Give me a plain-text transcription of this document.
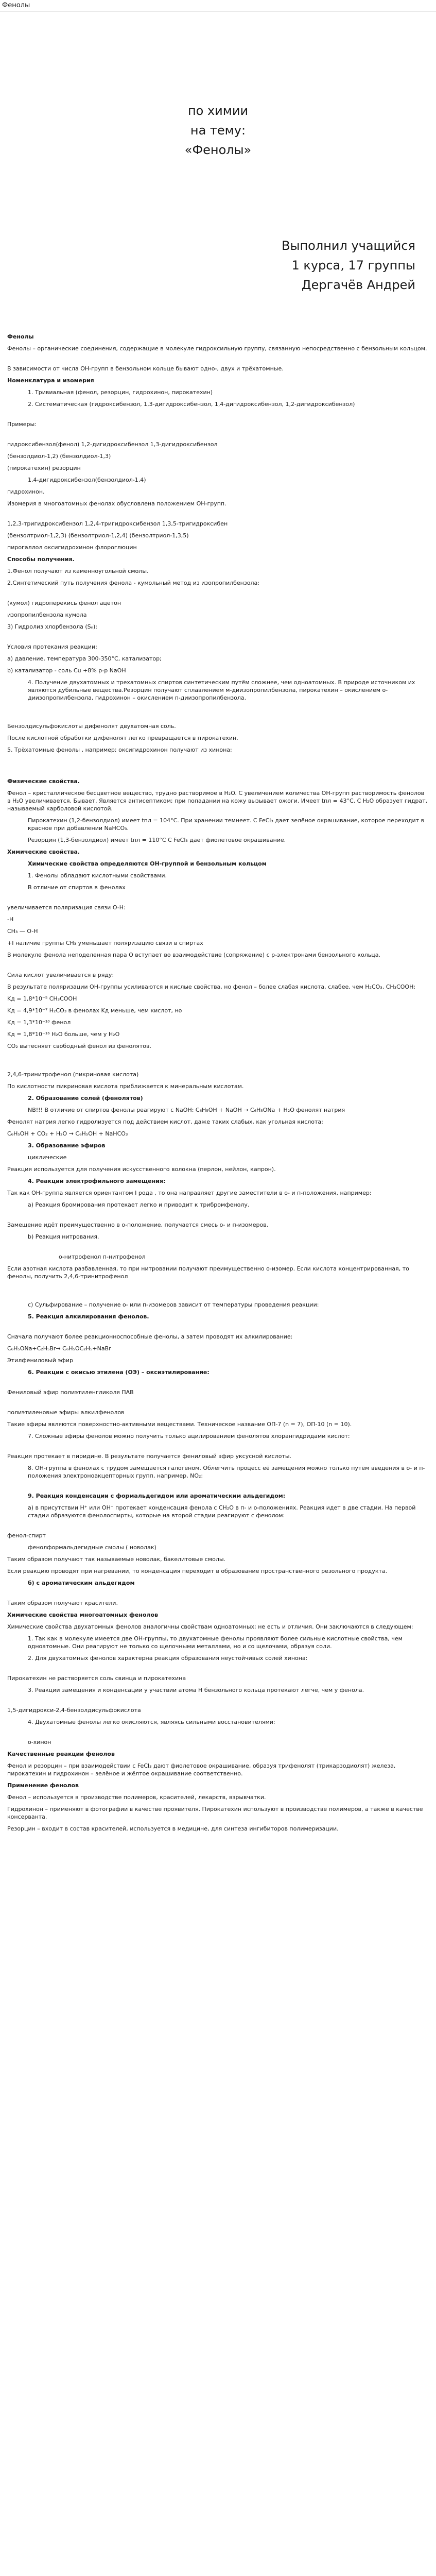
Фенолы
по химии
на тему:
«Фенолы»
Выполнил учащийся
1 курса, 17 группы
Дергачёв Андрей
Фенолы
Фенолы – органические соединения, содержащие в молекуле гидроксильную группу, связанную непосредственно с бензольным кольцом.
В зависимости от числа ОН-групп в бензольном кольце бывают одно-, двух и трёхатомные.
Номенклатура и изомерия
1. Тривиальная (фенол, резорцин, гидрохинон, пирокатехин)
2. Систематическая (гидроксибензол, 1,3-дигидроксибензол, 1,4-дигидроксибензол, 1,2-дигидроксибензол)
Примеры:
гидроксибензол(фенол) 1,2-дигидроксибензол 1,3-дигидроксибензол
(бензолдиол-1,2) (бензолдиол-1,3)
(пирокатехин) резорцин
1,4-дигидроксибензол(бензолдиол-1,4)
гидрохинон.
Изомерия в многоатомных фенолах обусловлена положением OH-групп.
1,2,3-тригидроксибензол 1,2,4-тригидроксибензол 1,3,5-тригидроксибен
(бензолтриол-1,2,3) (бензолтриол-1,2,4) (бензолтриол-1,3,5)
пирогаллол оксигидрохинон флороглюцин
Способы получения.
1.Фенол получают из каменноугольной смолы.
2.Синтетический путь получения фенола - кумольный метод из изопропилбензола:
(кумол) гидроперекись фенол ацетон
изопропилбензола кумола
3) Гидролиз хлорбензола (Sₙ):
Условия протекания реакции:
a) давление, температура 300-350°C, катализатор;
b) катализатор - соль Cu +8% р-р NaOH
4. Получение двухатомных и трехатомных спиртов синтетическим путём сложнее, чем одноатомных. В природе источником их являются дубильные вещества.Резорцин получают сплавлением м-диизопропилбензола, пирокатехин – окислением о-диизопропилбензола, гидрохинон – окислением п-диизопропилбензола.
Бензолдисульфокислоты дифенолят двухатомная соль.
После кислотной обработки дифенолят легко превращается в пирокатехин.
5. Трёхатомные фенолы , например; оксигидрохинон получают из хинона:
Физические свойства.
Фенол – кристаллическое бесцветное вещество, трудно растворимое в H₂O. С увеличением количества OH-групп растворимость фенолов в H₂O увеличивается. Бывает. Является антисептиком; при попадании на кожу вызывает ожоги. Имеет tпл = 43°C. С H₂O образует гидрат, называемый карболовой кислотой.
Пирокатехин (1,2-бензолдиол) имеет tпл = 104°C. При хранении темнеет. С FeCl₃ дает зелёное окрашивание, которое переходит в красное при добавлении NaHCO₃.
Резорцин (1,3-бензолдиол) имеет tпл = 110°C С FeCl₃ дает фиолетовое окрашивание.
Химические свойства.
Химические свойства определяются OH-группой и бензольным кольцом
1. Фенолы обладают кислотными свойствами.
В отличие от спиртов в фенолах
увеличивается поляризация связи O-H:
-H
CH₃ — O-H
+I наличие группы CH₃ уменьшает поляризацию связи в спиртах
В молекуле фенола неподеленная пара O вступает во взаимодействие (сопряжение) с p-электронами бензольного кольца.
Сила кислот увеличивается в ряду:
В результате поляризации OH-группы усиливаются и кислые свойства, но фенол – более слабая кислота, слабее, чем H₂CO₃, CH₃COOH:
Kд = 1,8*10⁻⁵ CH₃COOH
Kд = 4,9*10⁻⁷ H₂CO₃ в фенолах Kд меньше, чем кислот, но
Kд = 1,3*10⁻¹⁰ фенол
Kд = 1,8*10⁻¹⁶ H₂O больше, чем у H₂O
CO₂ вытесняет свободный фенол из фенолятов.
2,4,6-тринитрофенол (пикриновая кислота)
По кислотности пикриновая кислота приближается к минеральным кислотам.
2. Образование солей (фенолятов)
NB!!! В отличие от спиртов фенолы реагируют с NaOH: C₆H₅OH + NaOH → C₆H₅ONa + H₂O фенолят натрия
Фенолят натрия легко гидролизуется под действием кислот, даже таких слабых, как угольная кислота:
C₆H₅OH + CO₂ + H₂O → C₆H₅OH + NaHCO₃
3. Образование эфиров
циклические
Реакция используется для получения искусственного волокна (перлон, нейлон, капрон).
4. Реакции электрофильного замещения:
Так как OH-группа является ориентантом I рода , то она направляет другие заместители в о- и п-положения, например:
а) Реакция бромирования протекает легко и приводит к трибромфенолу.
Замещение идёт преимущественно в о-положение, получается смесь о- и п-изомеров.
b) Реакция нитрования.
о-нитрофенол п-нитрофенол
Если азотная кислота разбавленная, то при нитровании получают преимущественно о-изомер. Если кислота концентрированная, то фенолы, получить 2,4,6-тринитрофенол
с) Сульфирование – получение о- или п-изомеров зависит от температуры проведения реакции:
5. Реакция алкилирования фенолов.
Сначала получают более реакционноспособные фенолы, а затем проводят их алкилирование:
C₆H₅ONa+C₂H₅Br→ C₆H₅OC₂H₅+NaBr
Этилфениловый эфир
6. Реакции с окисью этилена (ОЭ) – оксиэтилирование:
Фениловый эфир полиэтиленгликоля ПАВ
полиэтиленовые эфиры алкилфенолов
Такие эфиры являются поверхностно-активными веществами. Техническое название ОП-7 (n = 7), ОП-10 (n = 10).
7. Сложные эфиры фенолов можно получить только ацилированием фенолятов хлорангидридами кислот:
Реакция протекает в пиридине. В результате получается фениловый эфир уксусной кислоты.
8. OH-группа в фенолах с трудом замещается галогеном. Облегчить процесс её замещения можно только путём введения в о- и п-положения электроноакцепторных групп, например, NO₂:
9. Реакция конденсации с формальдегидом или ароматическим альдегидом:
а) в присутствии H⁺ или OH⁻ протекает конденсация фенола с CH₂O в п- и о-положениях. Реакция идет в две стадии. На первой стадии образуются фенолоспирты, которые на второй стадии реагируют с фенолом:
фенол-спирт
фенолформальдегидные смолы ( новолак)
Таким образом получают так называемые новолак, бакелитовые смолы.
Если реакцию проводят при нагревании, то конденсация переходит в образование пространственного резольного продукта.
б) с ароматическим альдегидом
Таким образом получают красители.
Химические свойства многоатомных фенолов
Химические свойства двухатомных фенолов аналогичны свойствам одноатомных; не есть и отличия. Они заключаются в следующем:
1. Так как в молекуле имеется две OH-группы, то двухатомные фенолы проявляют более сильные кислотные свойства, чем одноатомные. Они реагируют не только со щелочными металлами, но и со щелочами, образуя соли.
2. Для двухатомных фенолов характерна реакция образования неустойчивых солей хинона:
Пирокатехин не растворяется соль свинца и пирокатехина
3. Реакции замещения и конденсации у участвии атома H бензольного кольца протекают легче, чем у фенола.
1,5-дигидрокси-2,4-бензолдисульфокислота
4. Двухатомные фенолы легко окисляются, являясь сильными восстановителями:
о-хинон
Качественные реакции фенолов
Фенол и резорцин – при взаимодействии с FeCl₃ дают фиолетовое окрашивание, образуя трифенолят (трикарзодиолят) железа, пирокатехин и гидрохинон – зелёное и жёлтое окрашивание соответственно.
Применение фенолов
Фенол – используется в производстве полимеров, красителей, лекарств, взрывчатки.
Гидрохинон – применяют в фотографии в качестве проявителя. Пирокатехин используют в производстве полимеров, а также в качестве консерванта.
Резорцин – входит в состав красителей, используется в медицине, для синтеза ингибиторов полимеризации.
